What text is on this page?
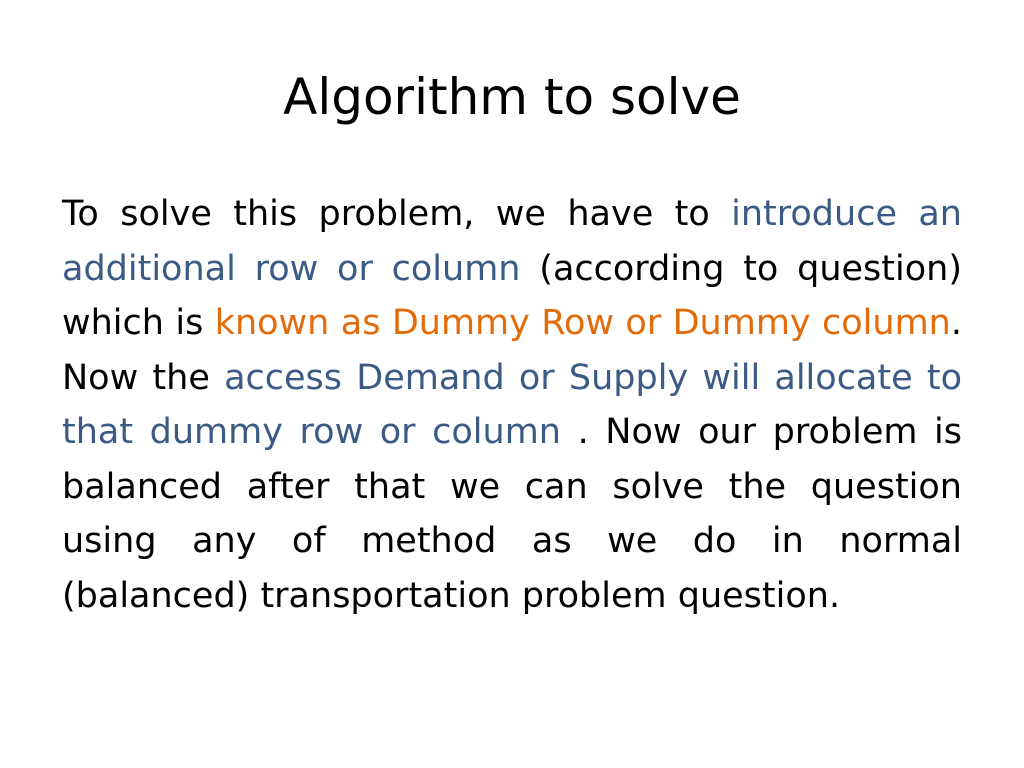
Algorithm to solve

To solve this problem, we have to introduce an additional row or column (according to question) which is known as Dummy Row or Dummy column. Now the access Demand or Supply will allocate to that dummy row or column . Now our problem is balanced after that we can solve the question using any of method as we do in normal (balanced) transportation problem question.
